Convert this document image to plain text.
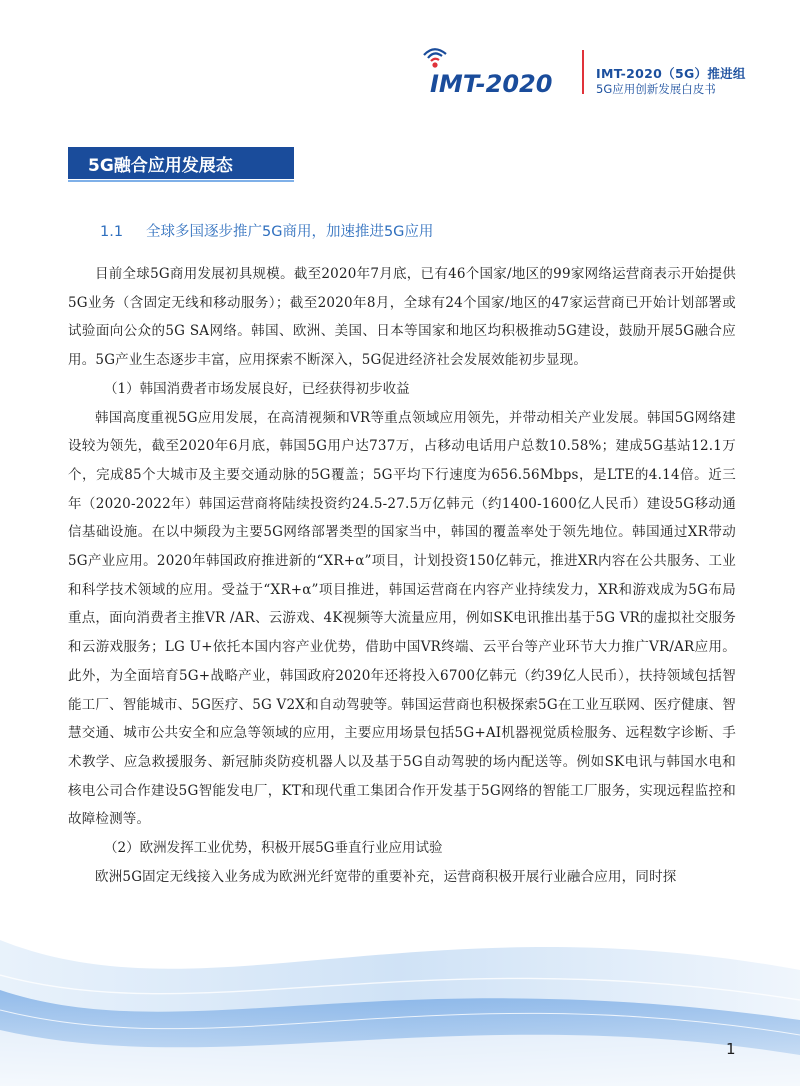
IMT-2020	IMT-2020（5G）推进组
5G应用创新发展白皮书
5G融合应用发展态
1.1 全球多国逐步推广5G商用，加速推进5G应用

目前全球5G商用发展初具规模。截至2020年7月底，已有46个国家/地区的99家网络运营商表示开始提供5G业务（含固定无线和移动服务）；截至2020年8月，全球有24个国家/地区的47家运营商已开始计划部署或试验面向公众的5G SA网络。韩国、欧洲、美国、日本等国家和地区均积极推动5G建设，鼓励开展5G融合应用。5G产业生态逐步丰富，应用探索不断深入，5G促进经济社会发展效能初步显现。

（1）韩国消费者市场发展良好，已经获得初步收益

韩国高度重视5G应用发展，在高清视频和VR等重点领域应用领先，并带动相关产业发展。韩国5G网络建设较为领先，截至2020年6月底，韩国5G用户达737万，占移动电话用户总数10.58%；建成5G基站12.1万个，完成85个大城市及主要交通动脉的5G覆盖；5G平均下行速度为656.56Mbps，是LTE的4.14倍。近三年（2020-2022年）韩国运营商将陆续投资约24.5-27.5万亿韩元（约1400-1600亿人民币）建设5G移动通信基础设施。在以中频段为主要5G网络部署类型的国家当中，韩国的覆盖率处于领先地位。韩国通过XR带动5G产业应用。2020年韩国政府推进新的“XR+α”项目，计划投资150亿韩元，推进XR内容在公共服务、工业和科学技术领域的应用。受益于“XR+α”项目推进，韩国运营商在内容产业持续发力，XR和游戏成为5G布局重点，面向消费者主推VR /AR、云游戏、4K视频等大流量应用，例如SK电讯推出基于5G VR的虚拟社交服务和云游戏服务；LG U+依托本国内容产业优势，借助中国VR终端、云平台等产业环节大力推广VR/AR应用。此外，为全面培育5G+战略产业，韩国政府2020年还将投入6700亿韩元（约39亿人民币），扶持领域包括智能工厂、智能城市、5G医疗、5G V2X和自动驾驶等。韩国运营商也积极探索5G在工业互联网、医疗健康、智慧交通、城市公共安全和应急等领域的应用，主要应用场景包括5G+AI机器视觉质检服务、远程数字诊断、手术教学、应急救援服务、新冠肺炎防疫机器人以及基于5G自动驾驶的场内配送等。例如SK电讯与韩国水电和核电公司合作建设5G智能发电厂，KT和现代重工集团合作开发基于5G网络的智能工厂服务，实现远程监控和故障检测等。

（2）欧洲发挥工业优势，积极开展5G垂直行业应用试验

欧洲5G固定无线接入业务成为欧洲光纤宽带的重要补充，运营商积极开展行业融合应用，同时探

1
